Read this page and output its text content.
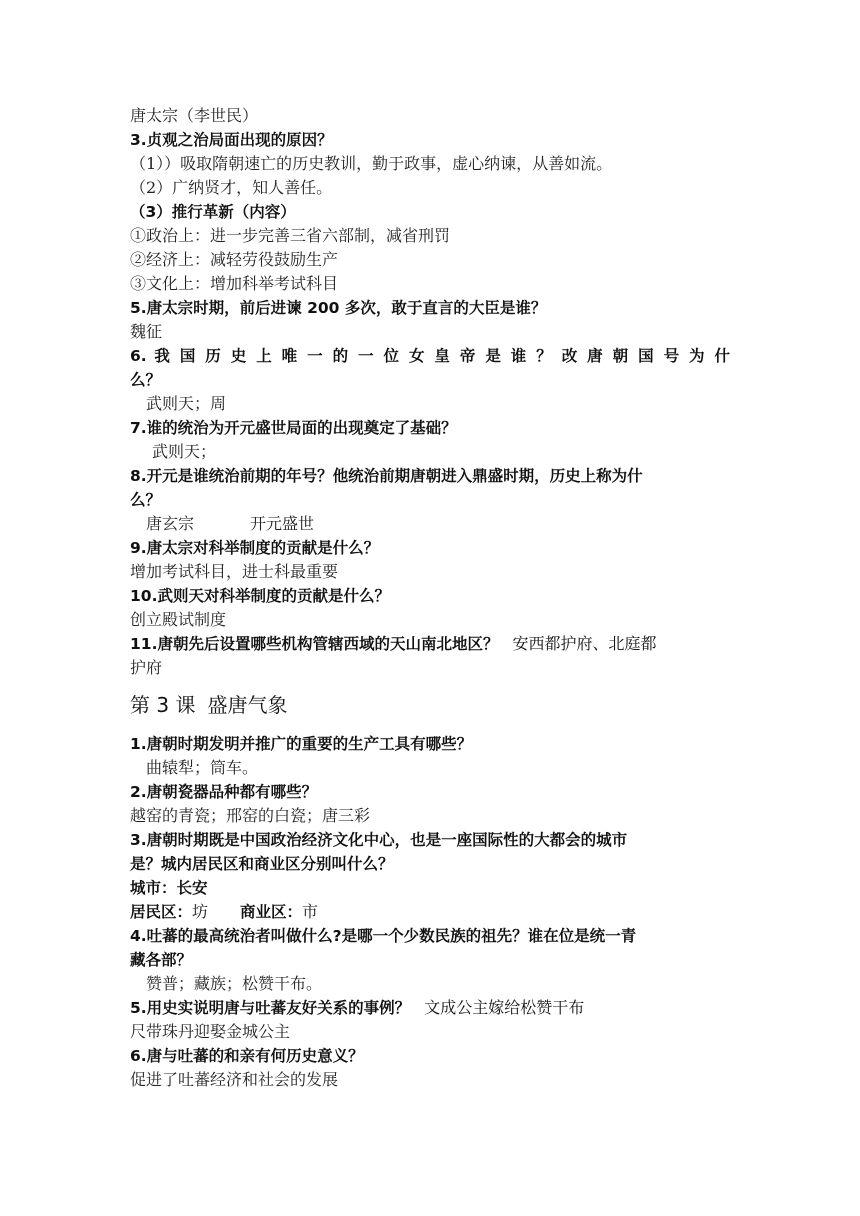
唐太宗（李世民）
3.贞观之治局面出现的原因？
（1））吸取隋朝速亡的历史教训，勤于政事，虚心纳谏，从善如流。
（2）广纳贤才，知人善任。
（3）推行革新（内容）
①政治上：进一步完善三省六部制，减省刑罚
②经济上：减轻劳役鼓励生产
③文化上：增加科举考试科目
5.唐太宗时期，前后进谏 200 多次，敢于直言的大臣是谁？
魏征
6. 我 国 历 史 上 唯 一 的 一 位 女 皇 帝 是 谁 ？ 改 唐 朝 国 号 为 什
么？
武则天；周
7.谁的统治为开元盛世局面的出现奠定了基础？
武则天；
8.开元是谁统治前期的年号？他统治前期唐朝进入鼎盛时期，历史上称为什
么？
唐玄宗	开元盛世
9.唐太宗对科举制度的贡献是什么？
增加考试科目，进士科最重要
10.武则天对科举制度的贡献是什么？
创立殿试制度
11.唐朝先后设置哪些机构管辖西域的天山南北地区？ 安西都护府、北庭都
护府
第 3 课 盛唐气象
1.唐朝时期发明并推广的重要的生产工具有哪些？
曲辕犁；筒车。
2.唐朝瓷器品种都有哪些？
越窑的青瓷；邢窑的白瓷；唐三彩
3.唐朝时期既是中国政治经济文化中心，也是一座国际性的大都会的城市
是？城内居民区和商业区分别叫什么？
城市：长安
居民区：坊 商业区：市
4.吐蕃的最高统治者叫做什么?是哪一个少数民族的祖先？谁在位是统一青
藏各部？
赞普；藏族；松赞干布。
5.用史实说明唐与吐蕃友好关系的事例？ 文成公主嫁给松赞干布
尺带珠丹迎娶金城公主
6.唐与吐蕃的和亲有何历史意义？
促进了吐蕃经济和社会的发展
